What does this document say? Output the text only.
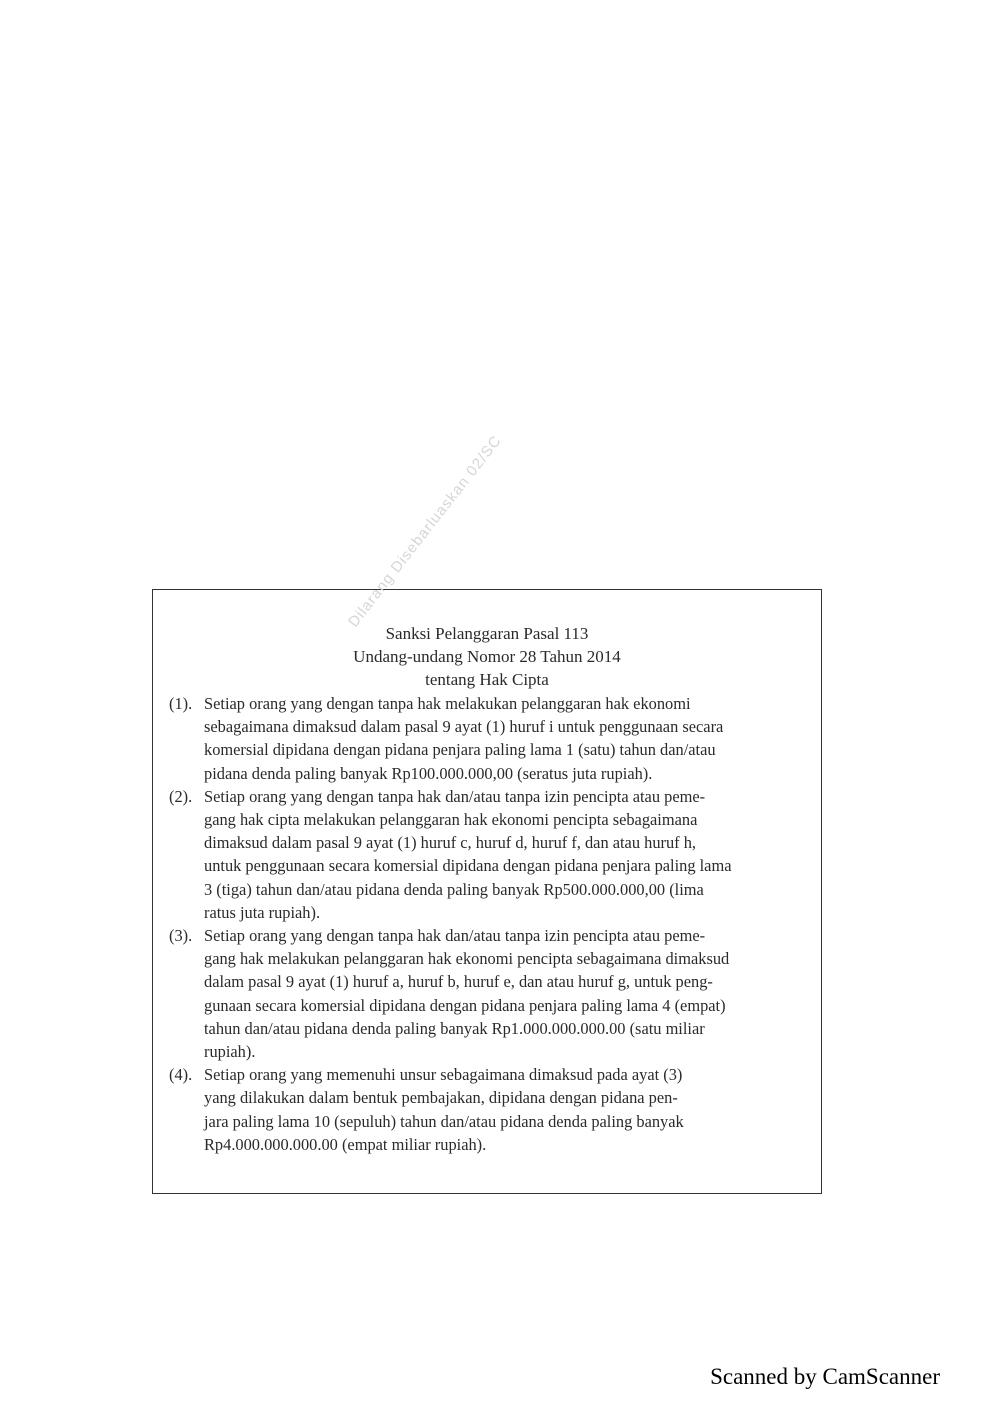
Sanksi Pelanggaran Pasal 113
Undang-undang Nomor 28 Tahun 2014
tentang Hak Cipta
(1). Setiap orang yang dengan tanpa hak melakukan pelanggaran hak ekonomi
sebagaimana dimaksud dalam pasal 9 ayat (1) huruf i untuk penggunaan secara
komersial dipidana dengan pidana penjara paling lama 1 (satu) tahun dan/atau
pidana denda paling banyak Rp100.000.000,00 (seratus juta rupiah).
(2). Setiap orang yang dengan tanpa hak dan/atau tanpa izin pencipta atau peme-
gang hak cipta melakukan pelanggaran hak ekonomi pencipta sebagaimana
dimaksud dalam pasal 9 ayat (1) huruf c, huruf d, huruf f, dan atau huruf h,
untuk penggunaan secara komersial dipidana dengan pidana penjara paling lama
3 (tiga) tahun dan/atau pidana denda paling banyak Rp500.000.000,00 (lima
ratus juta rupiah).
(3). Setiap orang yang dengan tanpa hak dan/atau tanpa izin pencipta atau peme-
gang hak melakukan pelanggaran hak ekonomi pencipta sebagaimana dimaksud
dalam pasal 9 ayat (1) huruf a, huruf b, huruf e, dan atau huruf g, untuk peng-
gunaan secara komersial dipidana dengan pidana penjara paling lama 4 (empat)
tahun dan/atau pidana denda paling banyak Rp1.000.000.000.00 (satu miliar
rupiah).
(4). Setiap orang yang memenuhi unsur sebagaimana dimaksud pada ayat (3)
yang dilakukan dalam bentuk pembajakan, dipidana dengan pidana pen-
jara paling lama 10 (sepuluh) tahun dan/atau pidana denda paling banyak
Rp4.000.000.000.00 (empat miliar rupiah).
Dilarang Disebarluaskan 02/SC
Scanned by CamScanner
